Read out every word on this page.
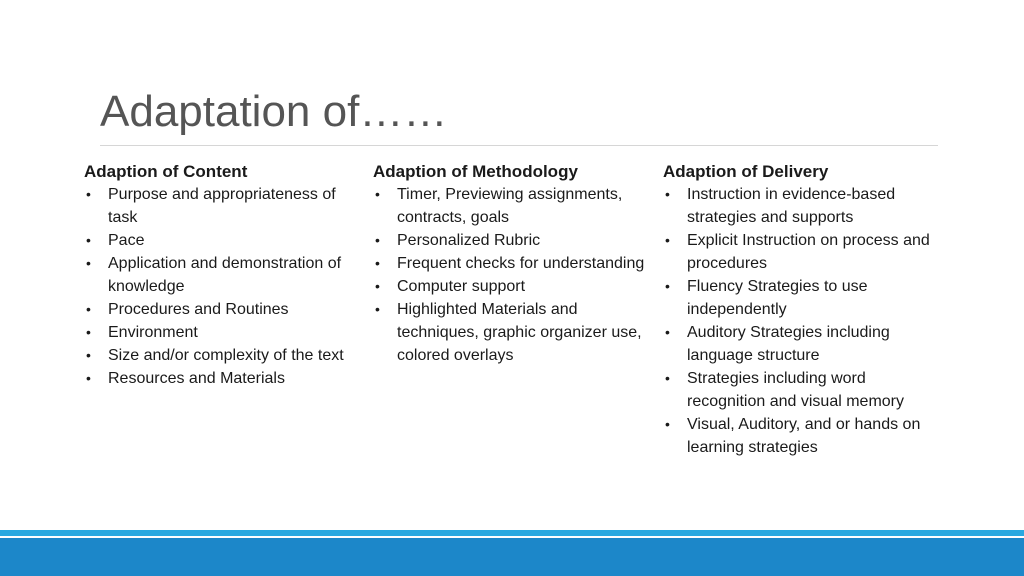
Adaptation of……
Adaption of Content
• Purpose and appropriateness of task
• Pace
• Application and demonstration of knowledge
• Procedures and Routines
• Environment
• Size and/or complexity of the text
• Resources and Materials
Adaption of Methodology
• Timer, Previewing assignments, contracts, goals
• Personalized Rubric
• Frequent checks for understanding
• Computer support
• Highlighted Materials and techniques, graphic organizer use, colored overlays
Adaption of Delivery
• Instruction in evidence-based strategies and supports
• Explicit Instruction on process and procedures
• Fluency Strategies to use independently
• Auditory Strategies including language structure
• Strategies including word recognition and visual memory
• Visual, Auditory, and or hands on learning strategies
